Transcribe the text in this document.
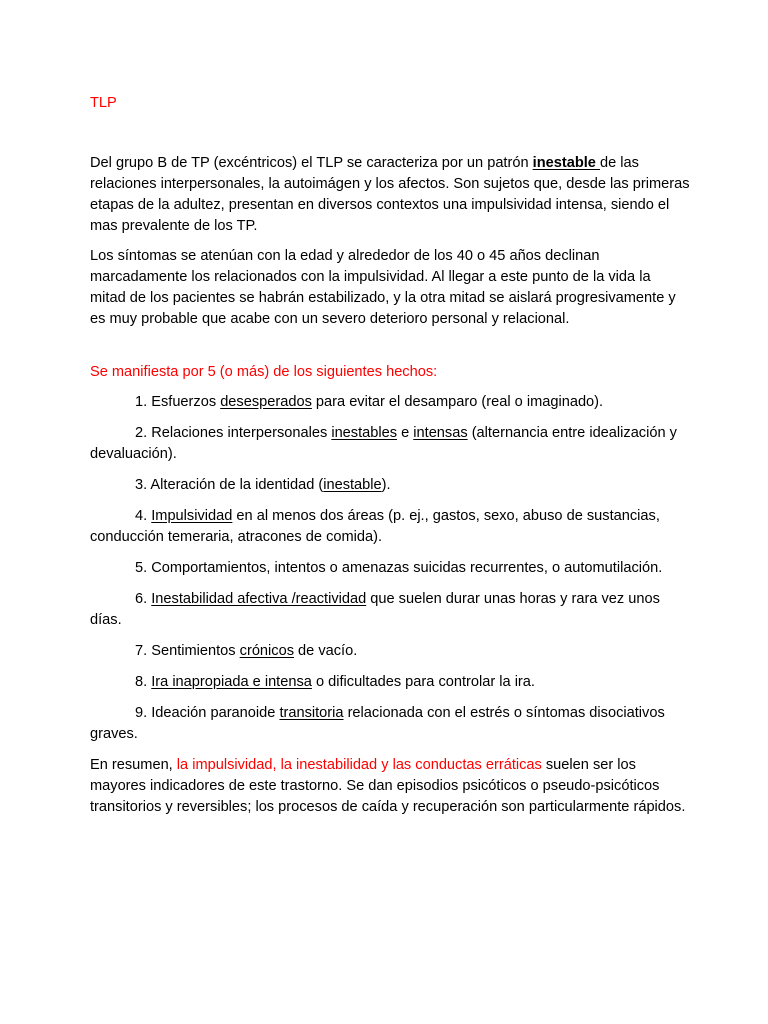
TLP

Del grupo B de TP (excéntricos) el TLP se caracteriza por un patrón inestable de las relaciones interpersonales, la autoimágen y los afectos. Son sujetos que, desde las primeras etapas de la adultez, presentan en diversos contextos una impulsividad intensa, siendo el mas prevalente de los TP.

Los síntomas se atenúan con la edad y alrededor de los 40 o 45 años declinan marcadamente los relacionados con la impulsividad. Al llegar a este punto de la vida la mitad de los pacientes se habrán estabilizado, y la otra mitad se aislará progresivamente y es muy probable que acabe con un severo deterioro personal y relacional.

Se manifiesta por 5 (o más) de los siguientes hechos:

1. Esfuerzos desesperados para evitar el desamparo (real o imaginado).

2. Relaciones interpersonales inestables e intensas (alternancia entre idealización y devaluación).

3. Alteración de la identidad (inestable).

4. Impulsividad en al menos dos áreas (p. ej., gastos, sexo, abuso de sustancias, conducción temeraria, atracones de comida).

5. Comportamientos, intentos o amenazas suicidas recurrentes, o automutilación.

6. Inestabilidad afectiva /reactividad que suelen durar unas horas y rara vez unos días.

7. Sentimientos crónicos de vacío.

8. Ira inapropiada e intensa o dificultades para controlar la ira.

9. Ideación paranoide transitoria relacionada con el estrés o síntomas disociativos graves.

En resumen, la impulsividad, la inestabilidad y las conductas erráticas suelen ser los mayores indicadores de este trastorno. Se dan episodios psicóticos o pseudo-psicóticos transitorios y reversibles; los procesos de caída y recuperación son particularmente rápidos.
